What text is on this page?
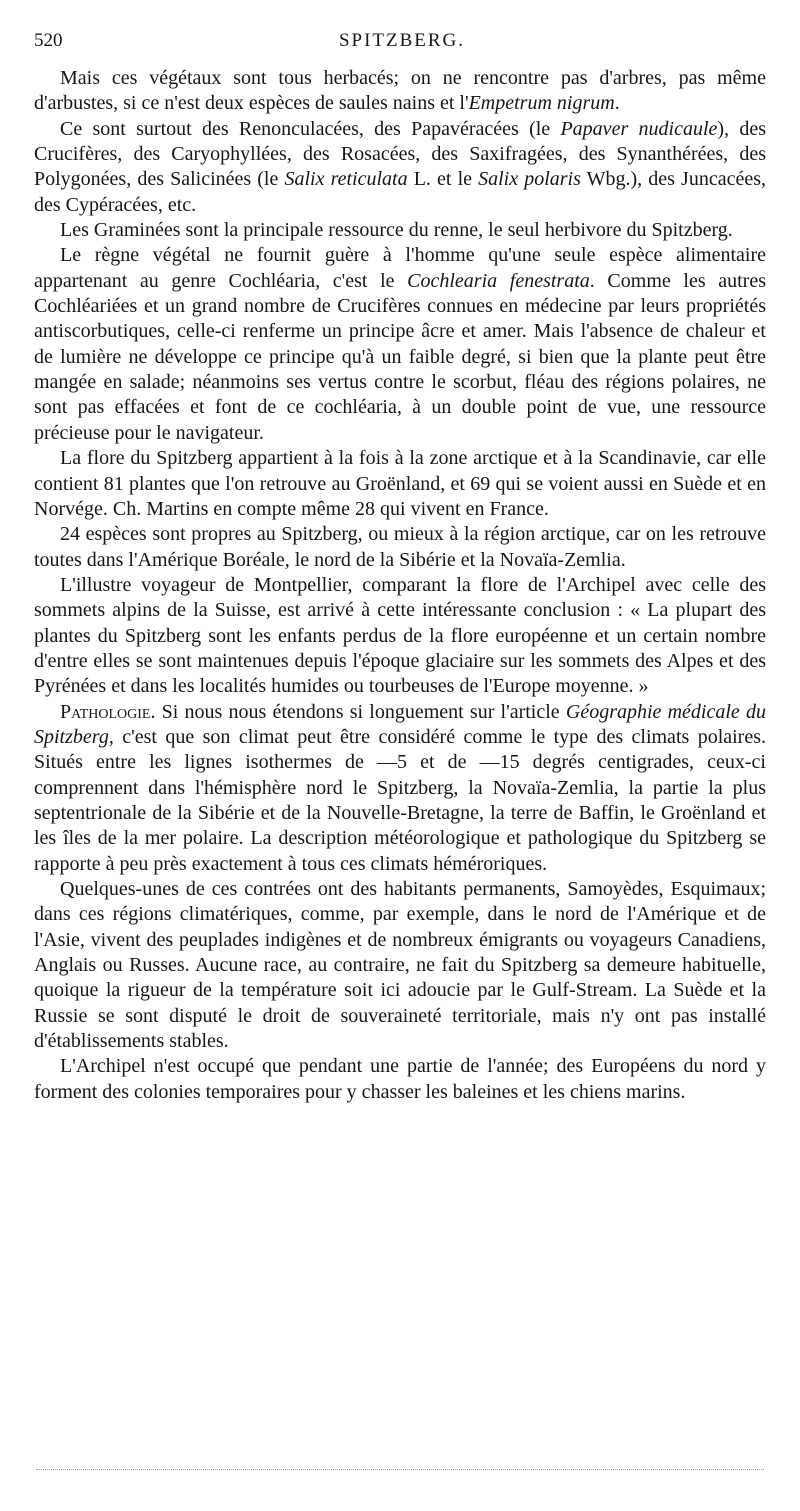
520	SPITZBERG.

Mais ces végétaux sont tous herbacés; on ne rencontre pas d'arbres, pas même d'arbustes, si ce n'est deux espèces de saules nains et l'Empetrum nigrum.

Ce sont surtout des Renonculacées, des Papavéracées (le Papaver nudicaule), des Crucifères, des Caryophyllées, des Rosacées, des Saxifragées, des Synanthérées, des Polygonées, des Salicinées (le Salix reticulata L. et le Salix polaris Wbg.), des Juncacées, des Cypéracées, etc.

Les Graminées sont la principale ressource du renne, le seul herbivore du Spitzberg.

Le règne végétal ne fournit guère à l'homme qu'une seule espèce alimentaire appartenant au genre Cochléaria, c'est le Cochlearia fenestrata. Comme les autres Cochléariées et un grand nombre de Crucifères connues en médecine par leurs propriétés antiscorbutiques, celle-ci renferme un principe âcre et amer. Mais l'absence de chaleur et de lumière ne développe ce principe qu'à un faible degré, si bien que la plante peut être mangée en salade; néanmoins ses vertus contre le scorbut, fléau des régions polaires, ne sont pas effacées et font de ce cochléaria, à un double point de vue, une ressource précieuse pour le navigateur.

La flore du Spitzberg appartient à la fois à la zone arctique et à la Scandinavie, car elle contient 81 plantes que l'on retrouve au Groënland, et 69 qui se voient aussi en Suède et en Norvége. Ch. Martins en compte même 28 qui vivent en France.

24 espèces sont propres au Spitzberg, ou mieux à la région arctique, car on les retrouve toutes dans l'Amérique Boréale, le nord de la Sibérie et la Novaïa-Zemlia.

L'illustre voyageur de Montpellier, comparant la flore de l'Archipel avec celle des sommets alpins de la Suisse, est arrivé à cette intéressante conclusion : « La plupart des plantes du Spitzberg sont les enfants perdus de la flore européenne et un certain nombre d'entre elles se sont maintenues depuis l'époque glaciaire sur les sommets des Alpes et des Pyrénées et dans les localités humides ou tourbeuses de l'Europe moyenne. »

Pathologie. Si nous nous étendons si longuement sur l'article Géographie médicale du Spitzberg, c'est que son climat peut être considéré comme le type des climats polaires. Situés entre les lignes isothermes de —5 et de —15 degrés centigrades, ceux-ci comprennent dans l'hémisphère nord le Spitzberg, la Novaïa-Zemlia, la partie la plus septentrionale de la Sibérie et de la Nouvelle-Bretagne, la terre de Baffin, le Groënland et les îles de la mer polaire. La description météorologique et pathologique du Spitzberg se rapporte à peu près exactement à tous ces climats héméroriques.

Quelques-unes de ces contrées ont des habitants permanents, Samoyèdes, Esquimaux; dans ces régions climatériques, comme, par exemple, dans le nord de l'Amérique et de l'Asie, vivent des peuplades indigènes et de nombreux émigrants ou voyageurs Canadiens, Anglais ou Russes. Aucune race, au contraire, ne fait du Spitzberg sa demeure habituelle, quoique la rigueur de la température soit ici adoucie par le Gulf-Stream. La Suède et la Russie se sont disputé le droit de souveraineté territoriale, mais n'y ont pas installé d'établissements stables.

L'Archipel n'est occupé que pendant une partie de l'année; des Européens du nord y forment des colonies temporaires pour y chasser les baleines et les chiens marins.
